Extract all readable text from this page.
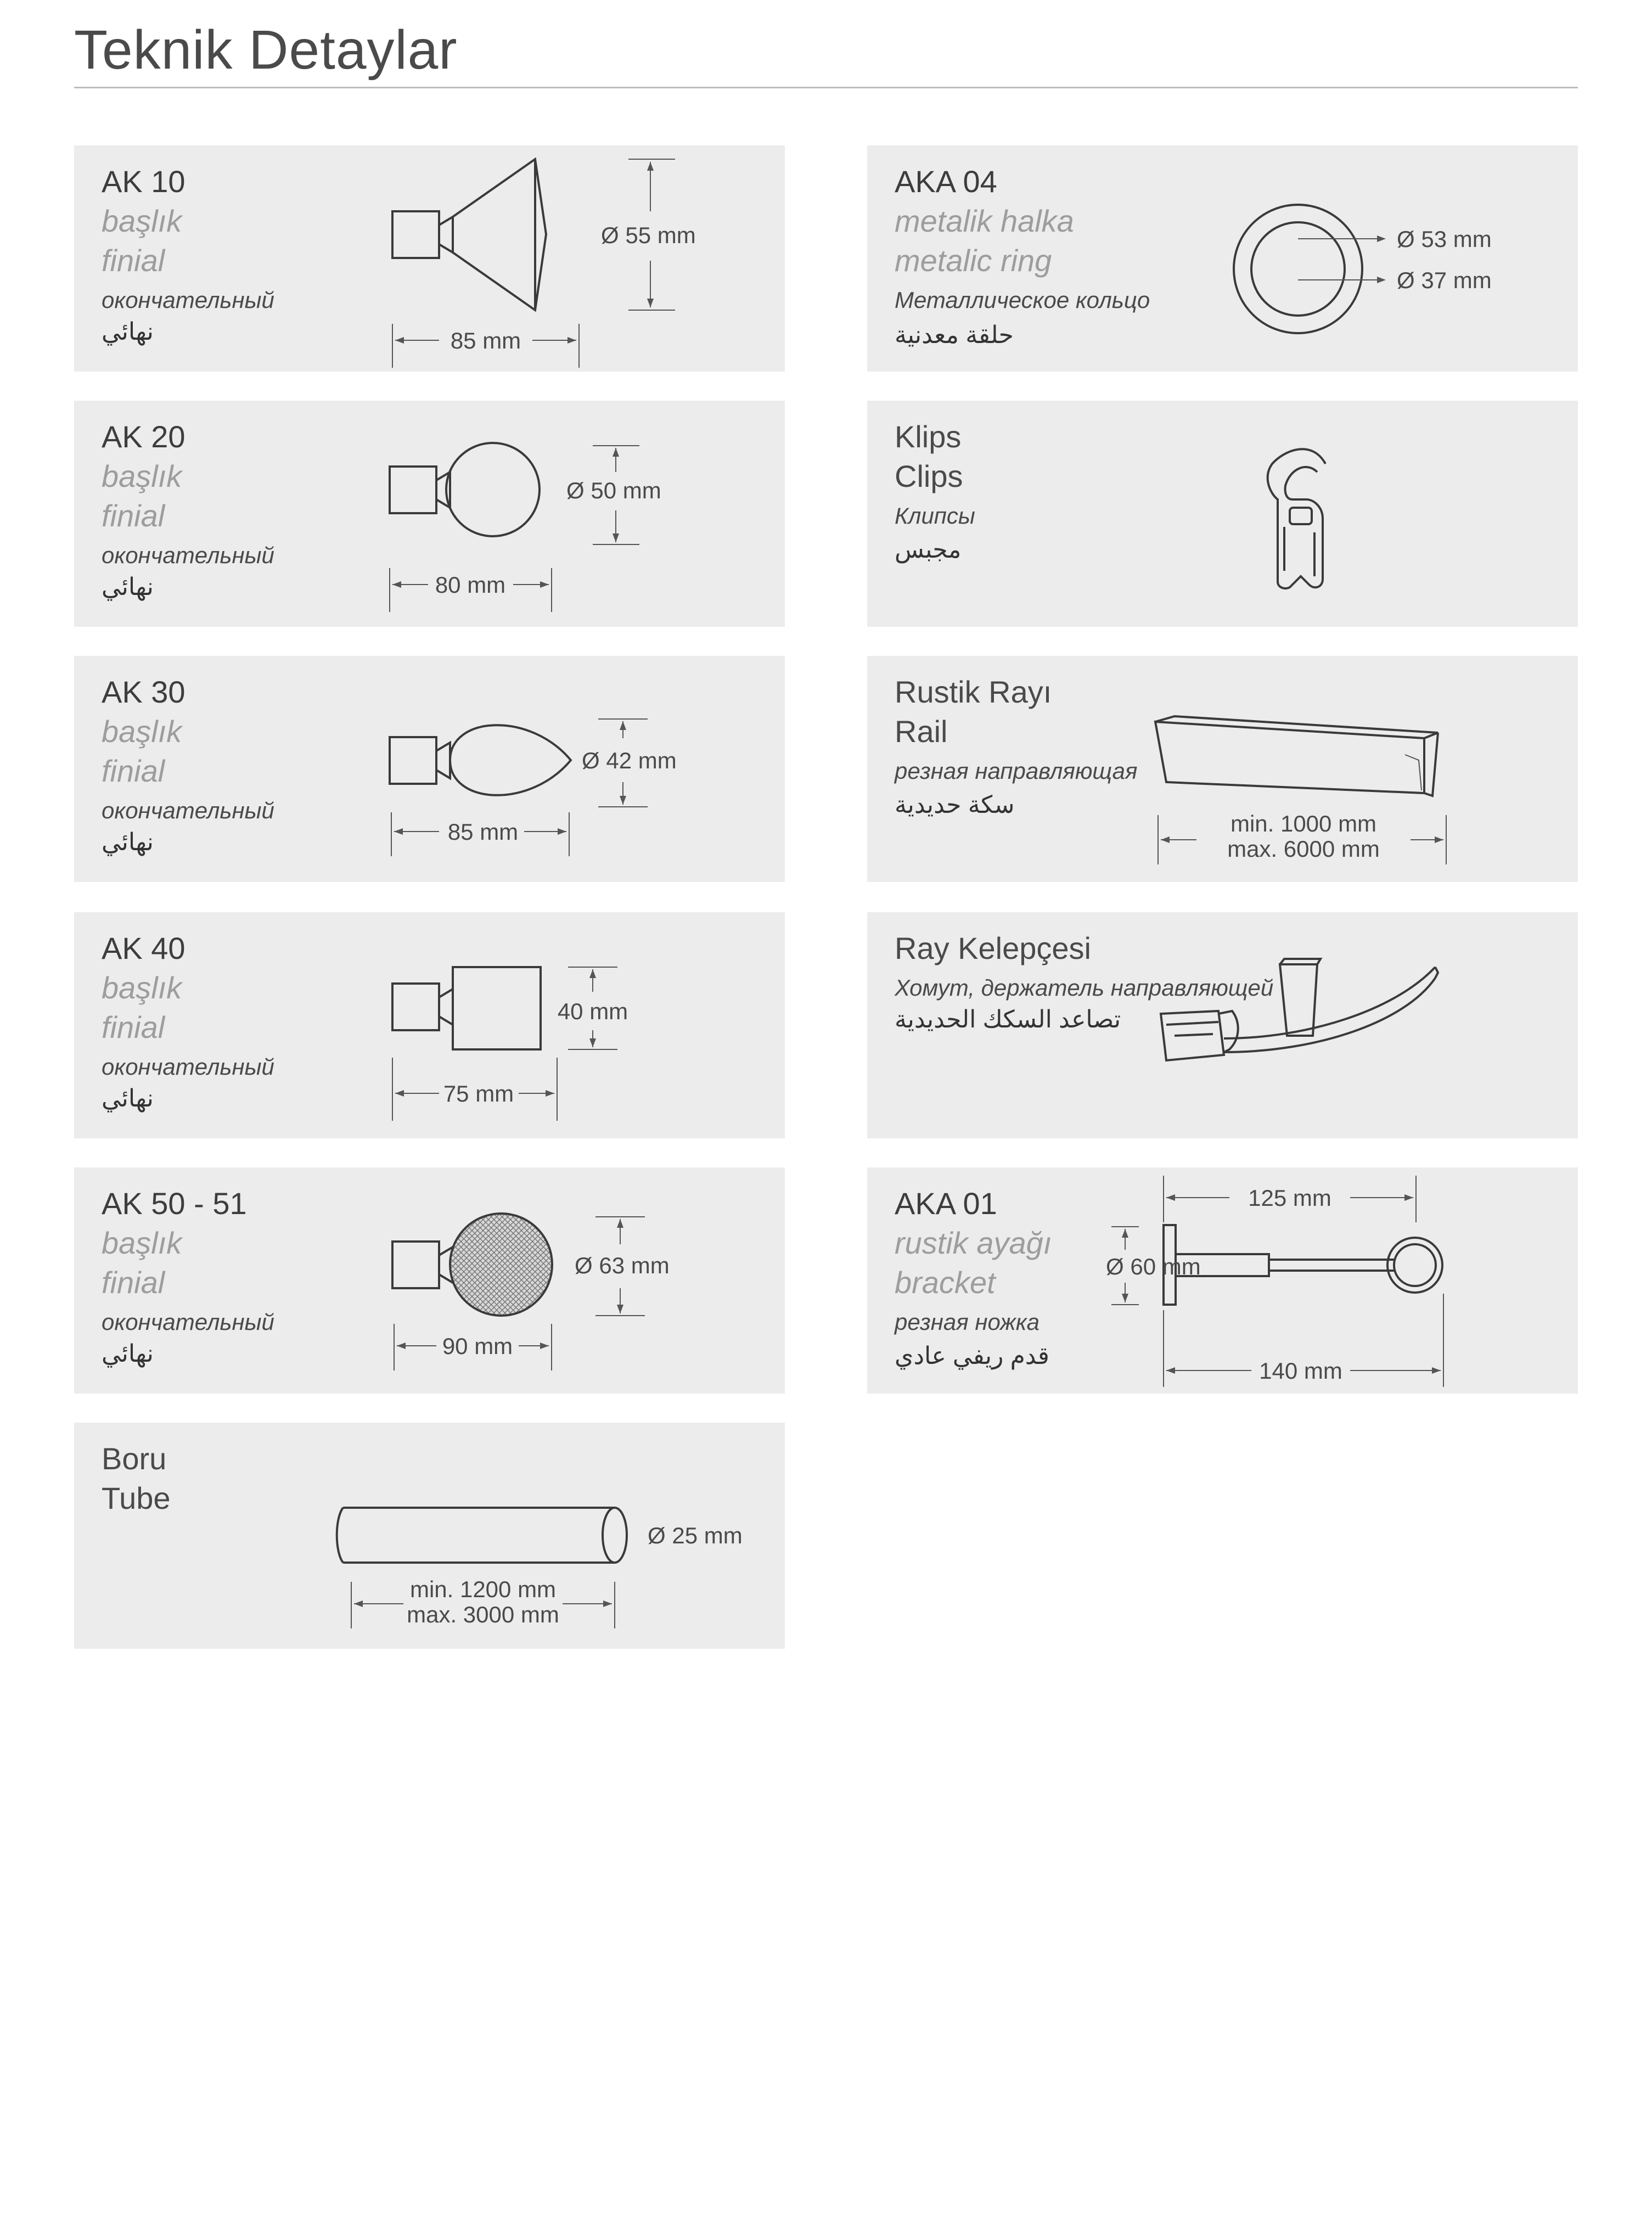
Teknik Detaylar
AK 10
başlık
finial
окончательный
نهائي	85 mm
Ø 55 mm
AK 20
başlık
finial
окончательный
نهائي	80 mm
Ø 50 mm
AK 30
başlık
finial
окончательный
نهائي	85 mm
Ø 42 mm
AK 40
başlık
finial
окончательный
نهائي	75 mm
40 mm
AK 50 - 51
başlık
finial
окончательный
نهائي	90 mm
Ø 63 mm
Boru
Tube
Ø 25 mm
min. 1200 mm
max. 3000 mm
AKA 04
metalik halka
metalic ring
Металлическое кольцо
حلقة معدنية
Ø 53 mm
Ø 37 mm
Klips
Clips
Клипсы
مجبس
Rustik Rayı
Rail
резная направляющая
سكة حديدية
min. 1000 mm
max. 6000 mm
Ray Kelepçesi
Хомут, держатель направляющей
تصاعد السكك الحديدية
AKA 01
rustik ayağı
bracket
резная ножка
قدم ريفي عادي
125 mm
Ø 60 mm
140 mm
